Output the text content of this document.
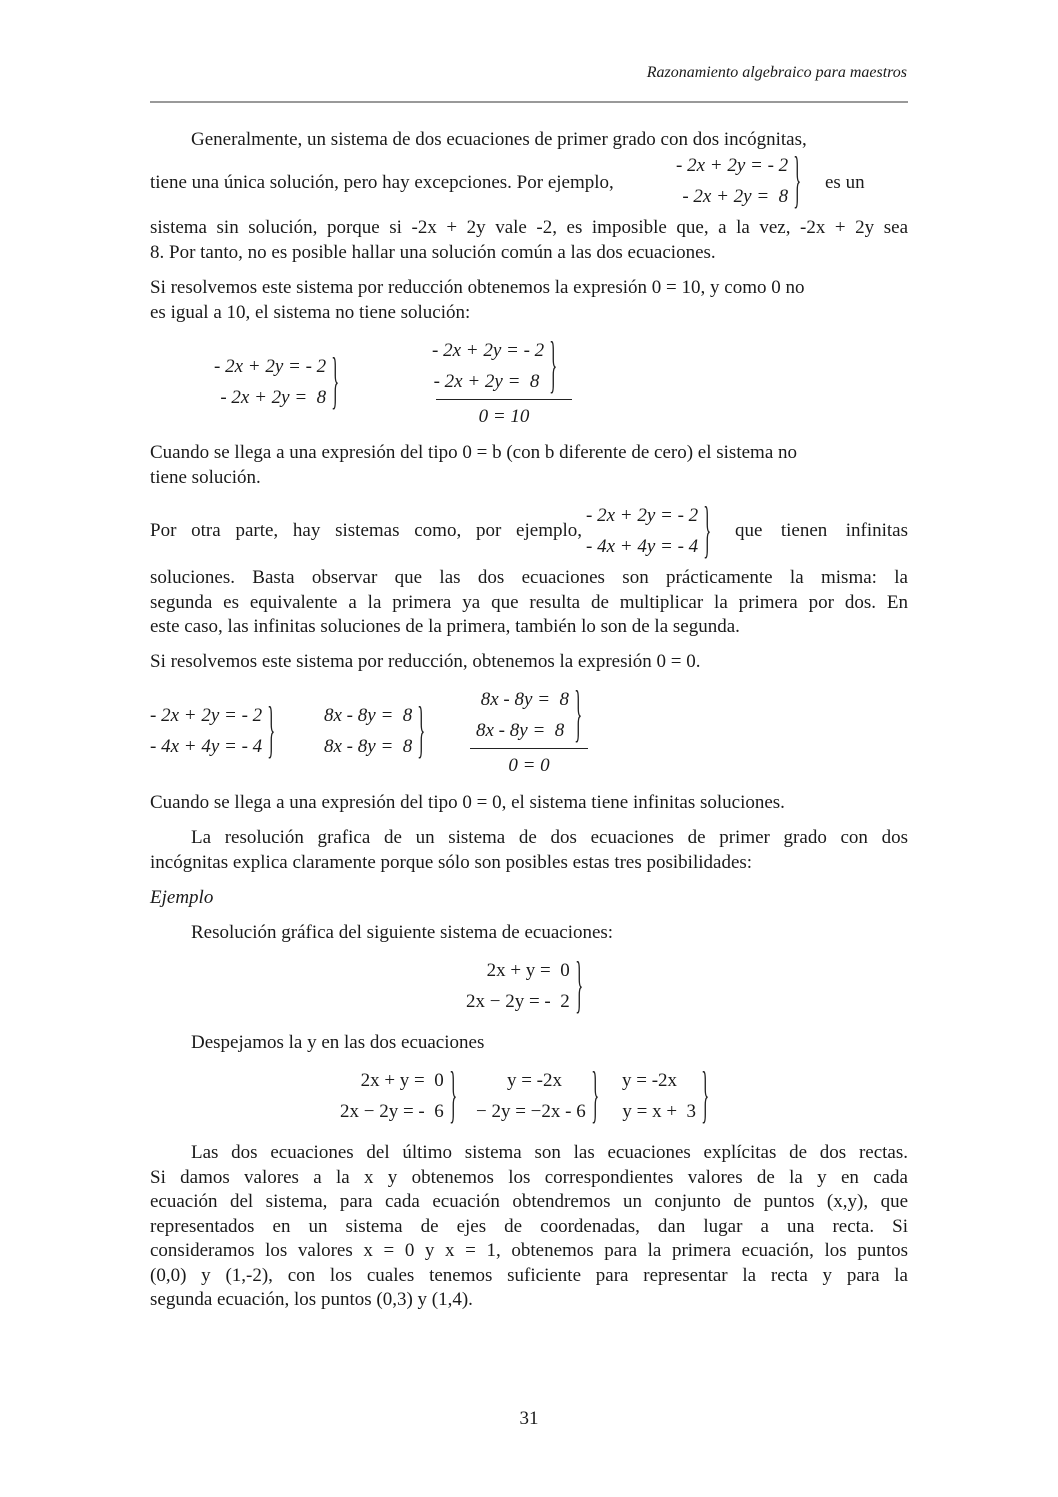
Razonamiento algebraico para maestros
Generalmente, un sistema de dos ecuaciones de primer grado con dos incógnitas,
tiene una única solución, pero hay excepciones. Por ejemplo,
- 2x + 2y = - 2
- 2x + 2y =  8 } es un
sistema sin solución, porque si -2x + 2y vale -2, es imposible que, a la vez, -2x + 2y sea
8. Por tanto, no es posible hallar una solución común a las dos ecuaciones.
Si resolvemos este sistema por reducción obtenemos la expresión 0 = 10, y como 0 no
es igual a 10, el sistema no tiene solución:
- 2x + 2y = - 2
- 2x + 2y =  8 }	- 2x + 2y = - 2
- 2x + 2y =  8 }
0 = 10
Cuando se llega a una expresión del tipo 0 = b (con b diferente de cero) el sistema no
tiene solución.
Por otra parte, hay sistemas como, por ejemplo,
- 2x + 2y = - 2
- 4x + 4y = - 4 } que tienen infinitas
soluciones. Basta observar que las dos ecuaciones son prácticamente la misma: la
segunda es equivalente a la primera ya que resulta de multiplicar la primera por dos. En
este caso, las infinitas soluciones de la primera, también lo son de la segunda.
Si resolvemos este sistema por reducción, obtenemos la expresión 0 = 0.
- 2x + 2y = - 2
- 4x + 4y = - 4 }	8x - 8y =  8
8x - 8y =  8 }	8x - 8y =  8
8x - 8y =  8 }
0 = 0
Cuando se llega a una expresión del tipo 0 = 0, el sistema tiene infinitas soluciones.
La resolución grafica de un sistema de dos ecuaciones de primer grado con dos
incógnitas explica claramente porque sólo son posibles estas tres posibilidades:
Ejemplo
Resolución gráfica del siguiente sistema de ecuaciones:
2x + y =  0
2x − 2y = -  2 }
Despejamos la y en las dos ecuaciones
2x + y =  0
2x − 2y = -  6 }	y = -2x
− 2y = −2x - 6 } y = -2x
y = x +  3 }
Las dos ecuaciones del último sistema son las ecuaciones explícitas de dos rectas.
Si damos valores a la x y obtenemos los correspondientes valores de la y en cada
ecuación del sistema, para cada ecuación obtendremos un conjunto de puntos (x,y), que
representados en un sistema de ejes de coordenadas, dan lugar a una recta. Si
consideramos los valores x = 0 y x = 1, obtenemos para la primera ecuación, los puntos
(0,0) y (1,-2), con los cuales tenemos suficiente para representar la recta y para la
segunda ecuación, los puntos (0,3) y (1,4).
31
